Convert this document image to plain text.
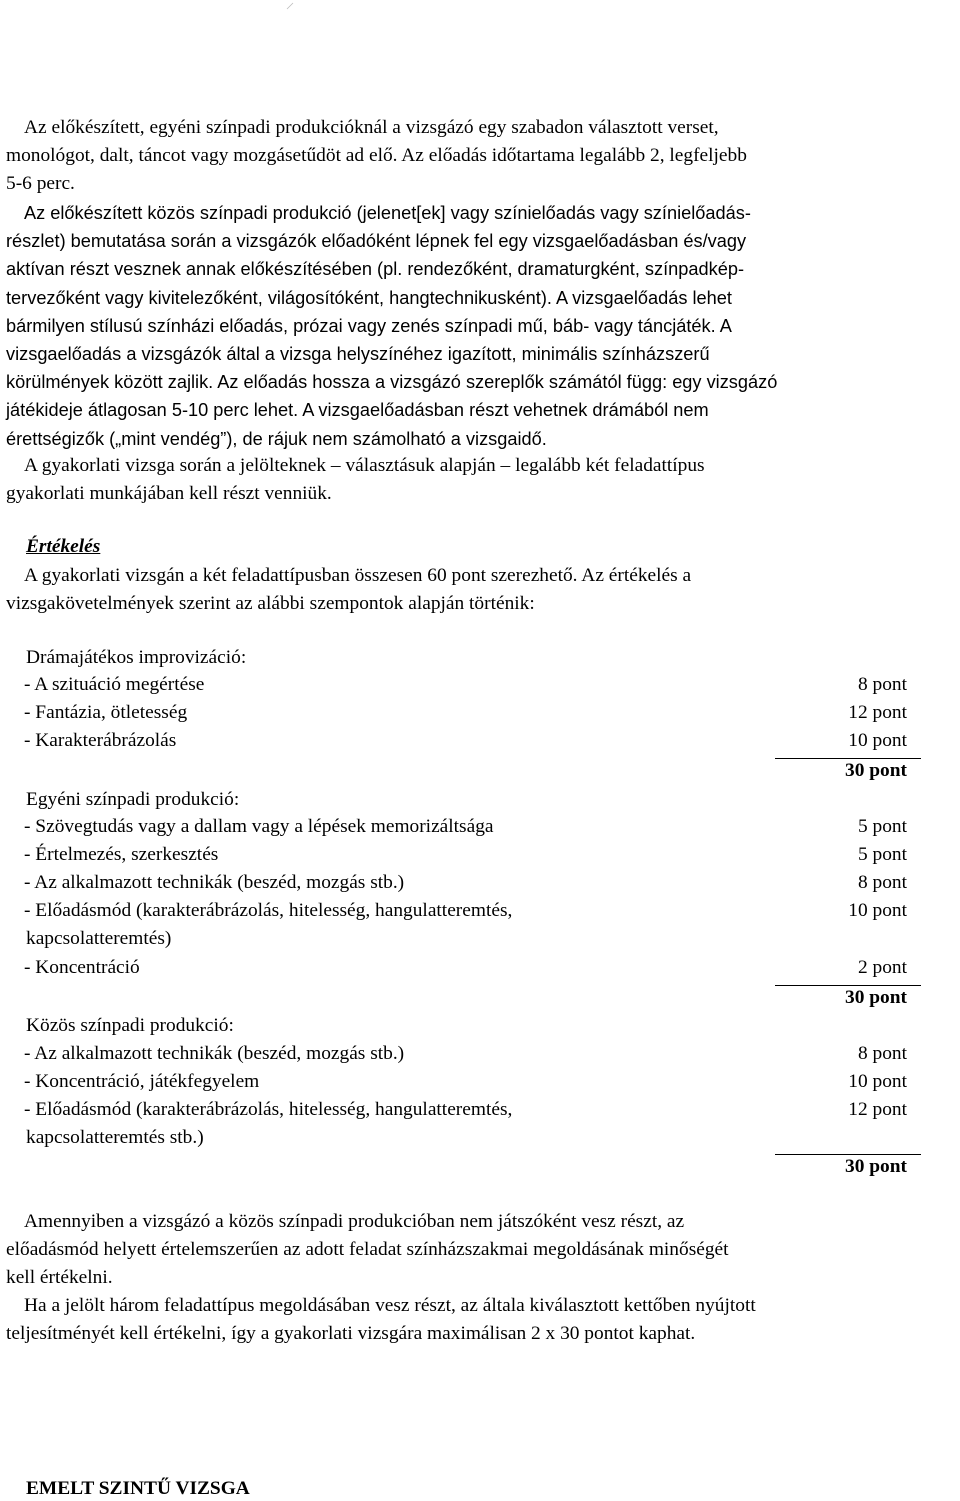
Az előkészített, egyéni színpadi produkcióknál a vizsgázó egy szabadon választott verset,
monológot, dalt, táncot vagy mozgásetűdöt ad elő. Az előadás időtartama legalább 2, legfeljebb
5-6 perc.
Az előkészített közös színpadi produkció (jelenet[ek] vagy színielőadás vagy színielőadás-
részlet) bemutatása során a vizsgázók előadóként lépnek fel egy vizsgaelőadásban és/vagy
aktívan részt vesznek annak előkészítésében (pl. rendezőként, dramaturgként, színpadkép-
tervezőként vagy kivitelezőként, világosítóként, hangtechnikusként). A vizsgaelőadás lehet
bármilyen stílusú színházi előadás, prózai vagy zenés színpadi mű, báb- vagy táncjáték. A
vizsgaelőadás a vizsgázók által a vizsga helyszínéhez igazított, minimális színházszerű
körülmények között zajlik. Az előadás hossza a vizsgázó szereplők számától függ: egy vizsgázó
játékideje átlagosan 5-10 perc lehet. A vizsgaelőadásban részt vehetnek drámából nem
érettségizők („mint vendég”), de rájuk nem számolható a vizsgaidő.
A gyakorlati vizsga során a jelölteknek – választásuk alapján – legalább két feladattípus
gyakorlati munkájában kell részt venniük.
Értékelés
A gyakorlati vizsgán a két feladattípusban összesen 60 pont szerezhető. Az értékelés a
vizsgakövetelmények szerint az alábbi szempontok alapján történik:
Drámajátékos improvizáció:
- A szituáció megértése	8 pont
- Fantázia, ötletesség	12 pont
- Karakterábrázolás	10 pont
30 pont
Egyéni színpadi produkció:
- Szövegtudás vagy a dallam vagy a lépések memorizáltsága	5 pont
- Értelmezés, szerkesztés	5 pont
- Az alkalmazott technikák (beszéd, mozgás stb.)	8 pont
- Előadásmód (karakterábrázolás, hitelesség, hangulatteremtés,	10 pont
kapcsolatteremtés)
- Koncentráció	2 pont
30 pont
Közös színpadi produkció:
- Az alkalmazott technikák (beszéd, mozgás stb.)	8 pont
- Koncentráció, játékfegyelem	10 pont
- Előadásmód (karakterábrázolás, hitelesség, hangulatteremtés,	12 pont
kapcsolatteremtés stb.)
30 pont
Amennyiben a vizsgázó a közös színpadi produkcióban nem játszóként vesz részt, az
előadásmód helyett értelemszerűen az adott feladat színházszakmai megoldásának minőségét
kell értékelni.
Ha a jelölt három feladattípus megoldásában vesz részt, az általa kiválasztott kettőben nyújtott
teljesítményét kell értékelni, így a gyakorlati vizsgára maximálisan 2 x 30 pontot kaphat.
EMELT SZINTŰ VIZSGA
